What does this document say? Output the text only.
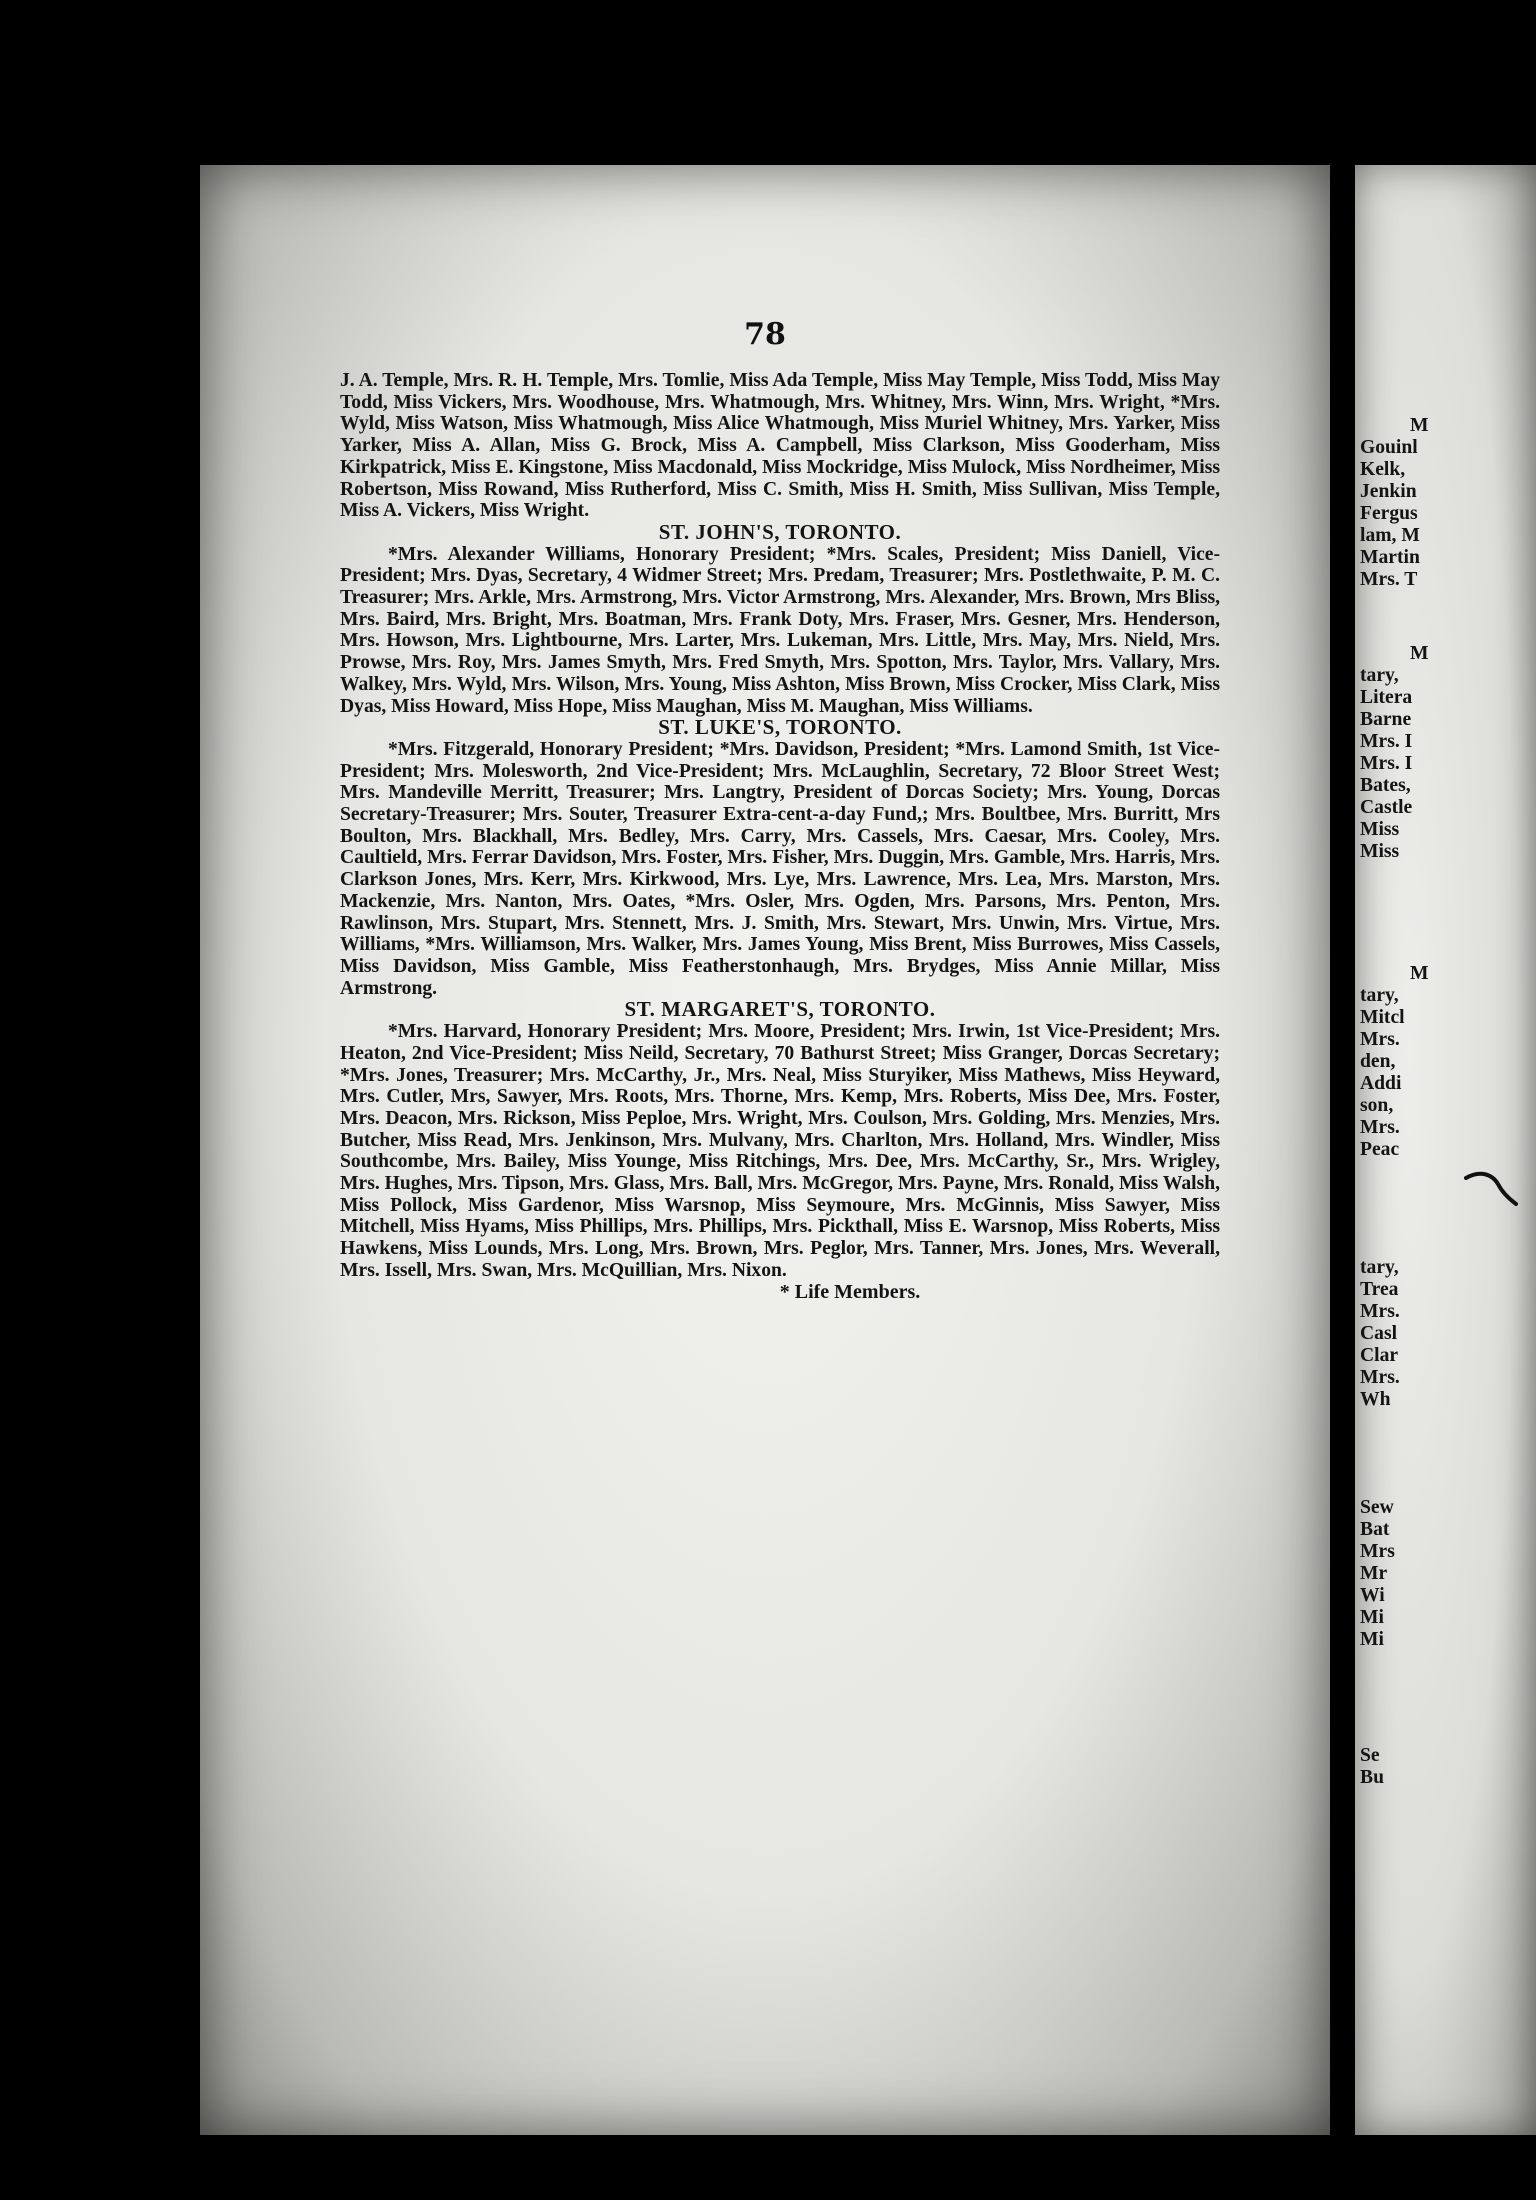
78

J. A. Temple, Mrs. R. H. Temple, Mrs. Tomlie, Miss Ada Temple, Miss May Temple, Miss Todd, Miss May Todd, Miss Vickers, Mrs. Woodhouse, Mrs. Whatmough, Mrs. Whitney, Mrs. Winn, Mrs. Wright, *Mrs. Wyld, Miss Watson, Miss Whatmough, Miss Alice Whatmough, Miss Muriel Whitney, Mrs. Yarker, Miss Yarker, Miss A. Allan, Miss G. Brock, Miss A. Campbell, Miss Clarkson, Miss Gooderham, Miss Kirkpatrick, Miss E. Kingstone, Miss Macdonald, Miss Mockridge, Miss Mulock, Miss Nordheimer, Miss Robertson, Miss Rowand, Miss Rutherford, Miss C. Smith, Miss H. Smith, Miss Sullivan, Miss Temple, Miss A. Vickers, Miss Wright.

ST. JOHN'S, TORONTO.

*Mrs. Alexander Williams, Honorary President; *Mrs. Scales, President; Miss Daniell, Vice-President; Mrs. Dyas, Secretary, 4 Widmer Street; Mrs. Predam, Treasurer; Mrs. Postlethwaite, P. M. C. Treasurer; Mrs. Arkle, Mrs. Armstrong, Mrs. Victor Armstrong, Mrs. Alexander, Mrs. Brown, Mrs Bliss, Mrs. Baird, Mrs. Bright, Mrs. Boatman, Mrs. Frank Doty, Mrs. Fraser, Mrs. Gesner, Mrs. Henderson, Mrs. Howson, Mrs. Lightbourne, Mrs. Larter, Mrs. Lukeman, Mrs. Little, Mrs. May, Mrs. Nield, Mrs. Prowse, Mrs. Roy, Mrs. James Smyth, Mrs. Fred Smyth, Mrs. Spotton, Mrs. Taylor, Mrs. Vallary, Mrs. Walkey, Mrs. Wyld, Mrs. Wilson, Mrs. Young, Miss Ashton, Miss Brown, Miss Crocker, Miss Clark, Miss Dyas, Miss Howard, Miss Hope, Miss Maughan, Miss M. Maughan, Miss Williams.

ST. LUKE'S, TORONTO.

*Mrs. Fitzgerald, Honorary President; *Mrs. Davidson, President; *Mrs. Lamond Smith, 1st Vice-President; Mrs. Molesworth, 2nd Vice-President; Mrs. McLaughlin, Secretary, 72 Bloor Street West; Mrs. Mandeville Merritt, Treasurer; Mrs. Langtry, President of Dorcas Society; Mrs. Young, Dorcas Secretary-Treasurer; Mrs. Souter, Treasurer Extra-cent-a-day Fund,; Mrs. Boultbee, Mrs. Burritt, Mrs Boulton, Mrs. Blackhall, Mrs. Bedley, Mrs. Carry, Mrs. Cassels, Mrs. Caesar, Mrs. Cooley, Mrs. Caultield, Mrs. Ferrar Davidson, Mrs. Foster, Mrs. Fisher, Mrs. Duggin, Mrs. Gamble, Mrs. Harris, Mrs. Clarkson Jones, Mrs. Kerr, Mrs. Kirkwood, Mrs. Lye, Mrs. Lawrence, Mrs. Lea, Mrs. Marston, Mrs. Mackenzie, Mrs. Nanton, Mrs. Oates, *Mrs. Osler, Mrs. Ogden, Mrs. Parsons, Mrs. Penton, Mrs. Rawlinson, Mrs. Stupart, Mrs. Stennett, Mrs. J. Smith, Mrs. Stewart, Mrs. Unwin, Mrs. Virtue, Mrs. Williams, *Mrs. Williamson, Mrs. Walker, Mrs. James Young, Miss Brent, Miss Burrowes, Miss Cassels, Miss Davidson, Miss Gamble, Miss Featherstonhaugh, Mrs. Brydges, Miss Annie Millar, Miss Armstrong.

ST. MARGARET'S, TORONTO.

*Mrs. Harvard, Honorary President; Mrs. Moore, President; Mrs. Irwin, 1st Vice-President; Mrs. Heaton, 2nd Vice-President; Miss Neild, Secretary, 70 Bathurst Street; Miss Granger, Dorcas Secretary; *Mrs. Jones, Treasurer; Mrs. McCarthy, Jr., Mrs. Neal, Miss Sturyiker, Miss Mathews, Miss Heyward, Mrs. Cutler, Mrs, Sawyer, Mrs. Roots, Mrs. Thorne, Mrs. Kemp, Mrs. Roberts, Miss Dee, Mrs. Foster, Mrs. Deacon, Mrs. Rickson, Miss Peploe, Mrs. Wright, Mrs. Coulson, Mrs. Golding, Mrs. Menzies, Mrs. Butcher, Miss Read, Mrs. Jenkinson, Mrs. Mulvany, Mrs. Charlton, Mrs. Holland, Mrs. Windler, Miss Southcombe, Mrs. Bailey, Miss Younge, Miss Ritchings, Mrs. Dee, Mrs. McCarthy, Sr., Mrs. Wrigley, Mrs. Hughes, Mrs. Tipson, Mrs. Glass, Mrs. Ball, Mrs. McGregor, Mrs. Payne, Mrs. Ronald, Miss Walsh, Miss Pollock, Miss Gardenor, Miss Warsnop, Miss Seymoure, Mrs. McGinnis, Miss Sawyer, Miss Mitchell, Miss Hyams, Miss Phillips, Mrs. Phillips, Mrs. Pickthall, Miss E. Warsnop, Miss Roberts, Miss Hawkens, Miss Lounds, Mrs. Long, Mrs. Brown, Mrs. Peglor, Mrs. Tanner, Mrs. Jones, Mrs. Weverall, Mrs. Issell, Mrs. Swan, Mrs. McQuillian, Mrs. Nixon.

* Life Members.

M
Gouinl
Kelk,
Jenkin
Fergus
lam, M
Martin
Mrs. T
M
tary,
Litera
Barne
Mrs. I
Mrs. I
Bates,
Castle
Miss
Miss
M
tary,
Mitcl
Mrs.
den,
Addi
son,
Mrs.
Peac
tary,
Trea
Mrs.
Casl
Clar
Mrs.
Wh
Sew
Bat
Mrs
Mr
Wi
Mi
Mi
Se
Bu
